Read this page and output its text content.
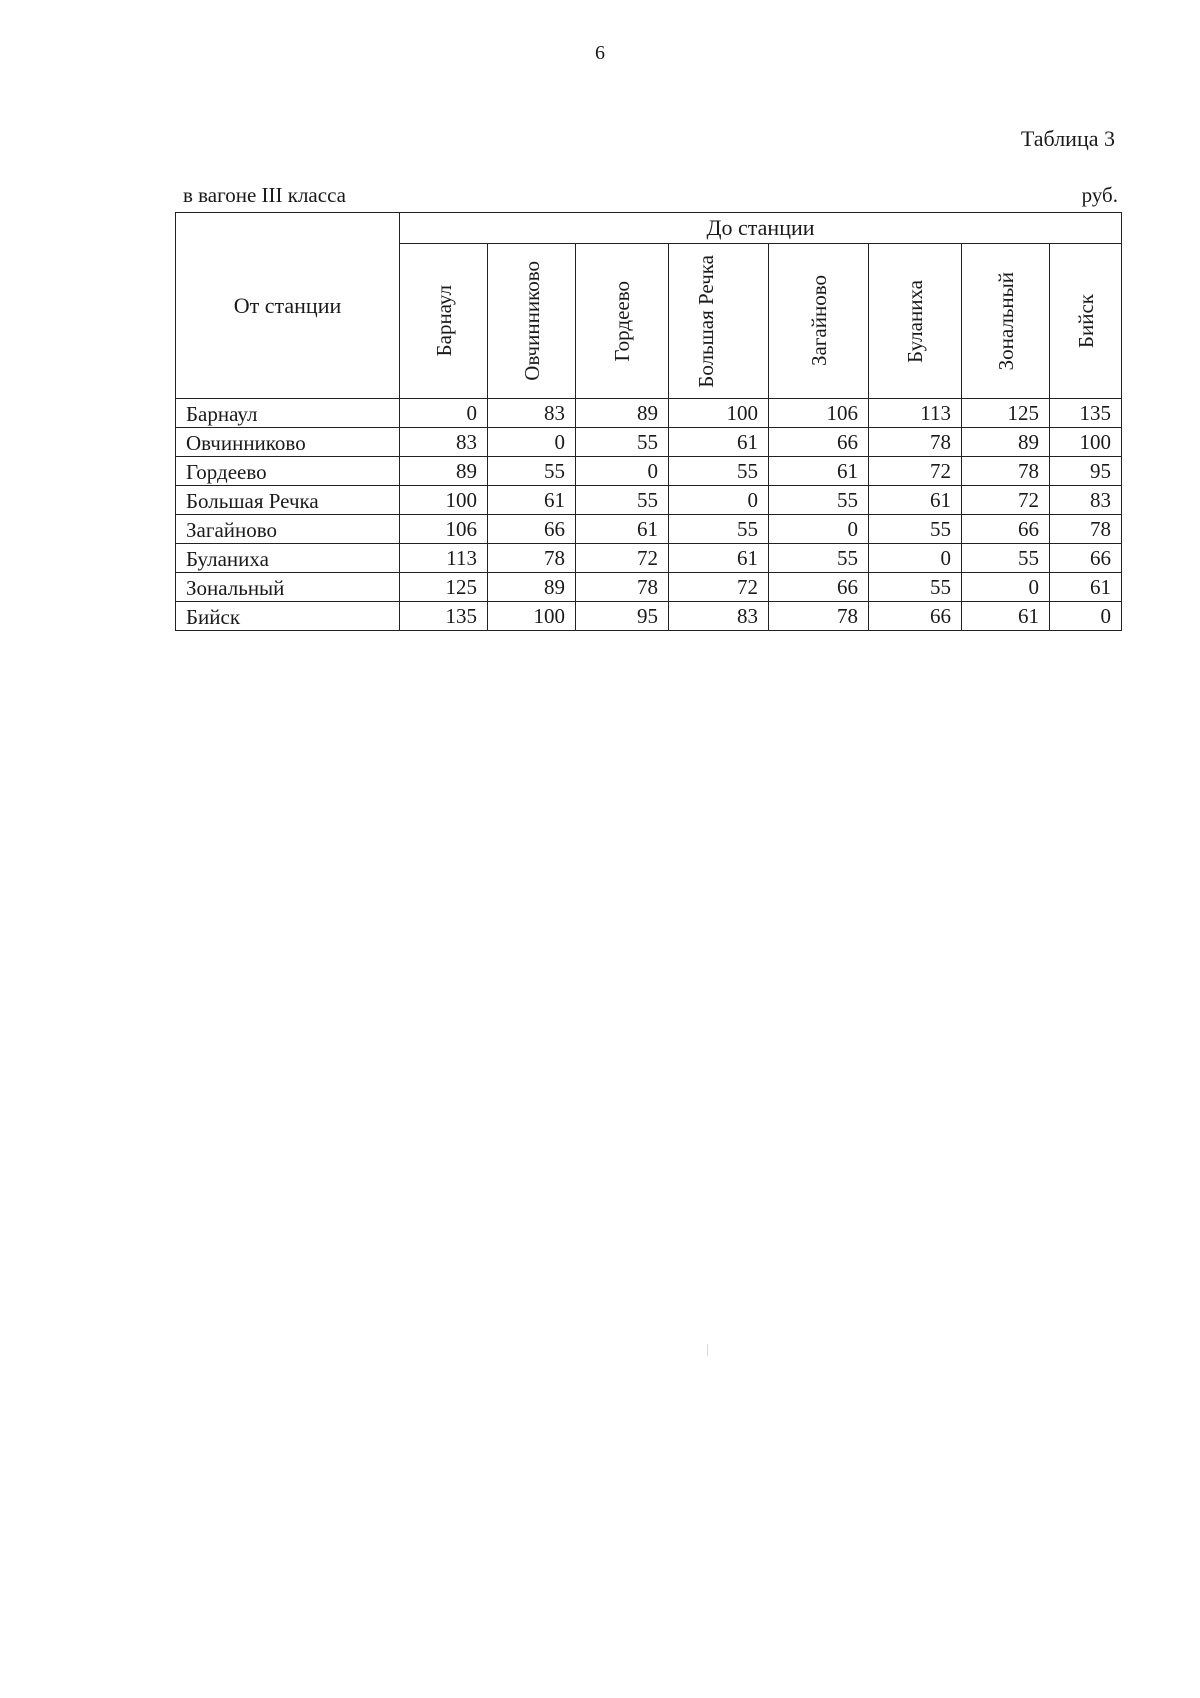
6
Таблица 3
в вагоне III класса	руб.
От станции	До станции							

	Барнаул	Овчинниково	Гордеево	Большая Речка	Загайново	Буланиха	Зональный	Бийск

Барнаул	0	83	89	100	106	113	125	135
Овчинниково	83	0	55	61	66	78	89	100
Гордеево	89	55	0	55	61	72	78	95
Большая Речка	100	61	55	0	55	61	72	83
Загайново	106	66	61	55	0	55	66	78
Буланиха	113	78	72	61	55	0	55	66
Зональный	125	89	78	72	66	55	0	61
Бийск	135	100	95	83	78	66	61	0
